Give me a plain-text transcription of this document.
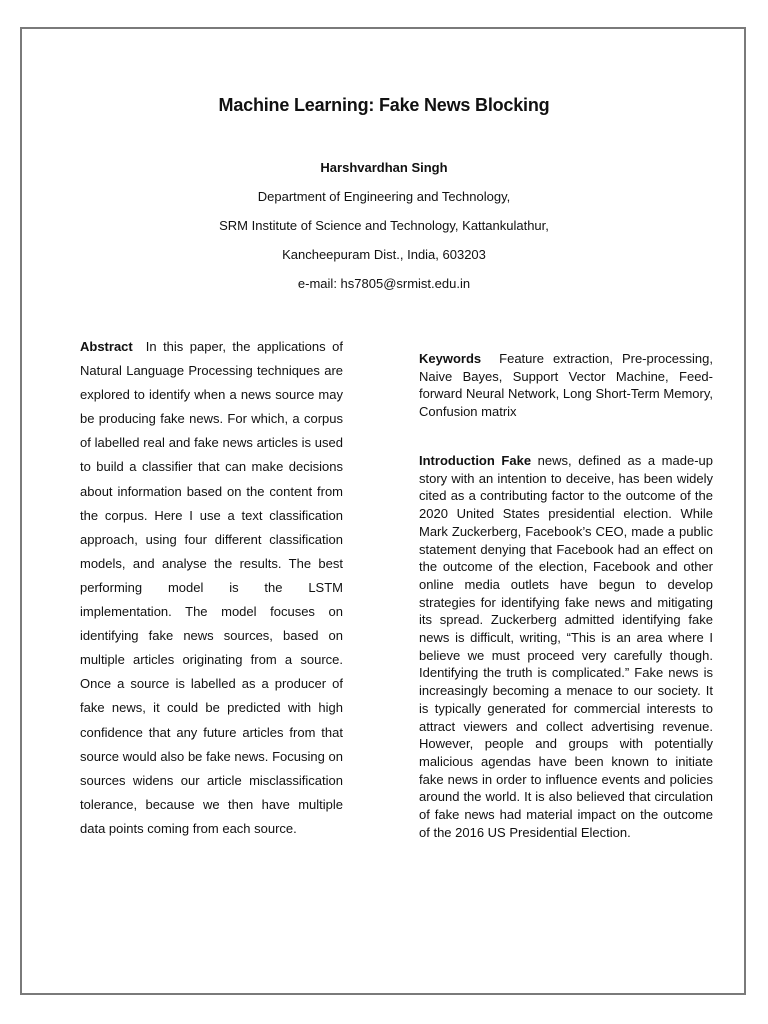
Machine Learning: Fake News Blocking
Harshvardhan Singh
Department of Engineering and Technology,
SRM Institute of Science and Technology, Kattankulathur,
Kancheepuram Dist., India, 603203
e-mail: hs7805@srmist.edu.in
Abstract In this paper, the applications of Natural Language Processing techniques are explored to identify when a news source may be producing fake news. For which, a corpus of labelled real and fake news articles is used to build a classifier that can make decisions about information based on the content from the corpus. Here I use a text classification approach, using four different classification models, and analyse the results. The best performing model is the LSTM implementation. The model focuses on identifying fake news sources, based on multiple articles originating from a source. Once a source is labelled as a producer of fake news, it could be predicted with high confidence that any future articles from that source would also be fake news. Focusing on sources widens our article misclassification tolerance, because we then have multiple data points coming from each source.
Keywords Feature extraction, Pre-processing, Naive Bayes, Support Vector Machine, Feed-forward Neural Network, Long Short-Term Memory, Confusion matrix
Introduction Fake news, defined as a made-up story with an intention to deceive, has been widely cited as a contributing factor to the outcome of the 2020 United States presidential election. While Mark Zuckerberg, Facebook’s CEO, made a public statement denying that Facebook had an effect on the outcome of the election, Facebook and other online media outlets have begun to develop strategies for identifying fake news and mitigating its spread. Zuckerberg admitted identifying fake news is difficult, writing, “This is an area where I believe we must proceed very carefully though. Identifying the truth is complicated.” Fake news is increasingly becoming a menace to our society. It is typically generated for commercial interests to attract viewers and collect advertising revenue. However, people and groups with potentially malicious agendas have been known to initiate fake news in order to influence events and policies around the world. It is also believed that circulation of fake news had material impact on the outcome of the 2016 US Presidential Election.
